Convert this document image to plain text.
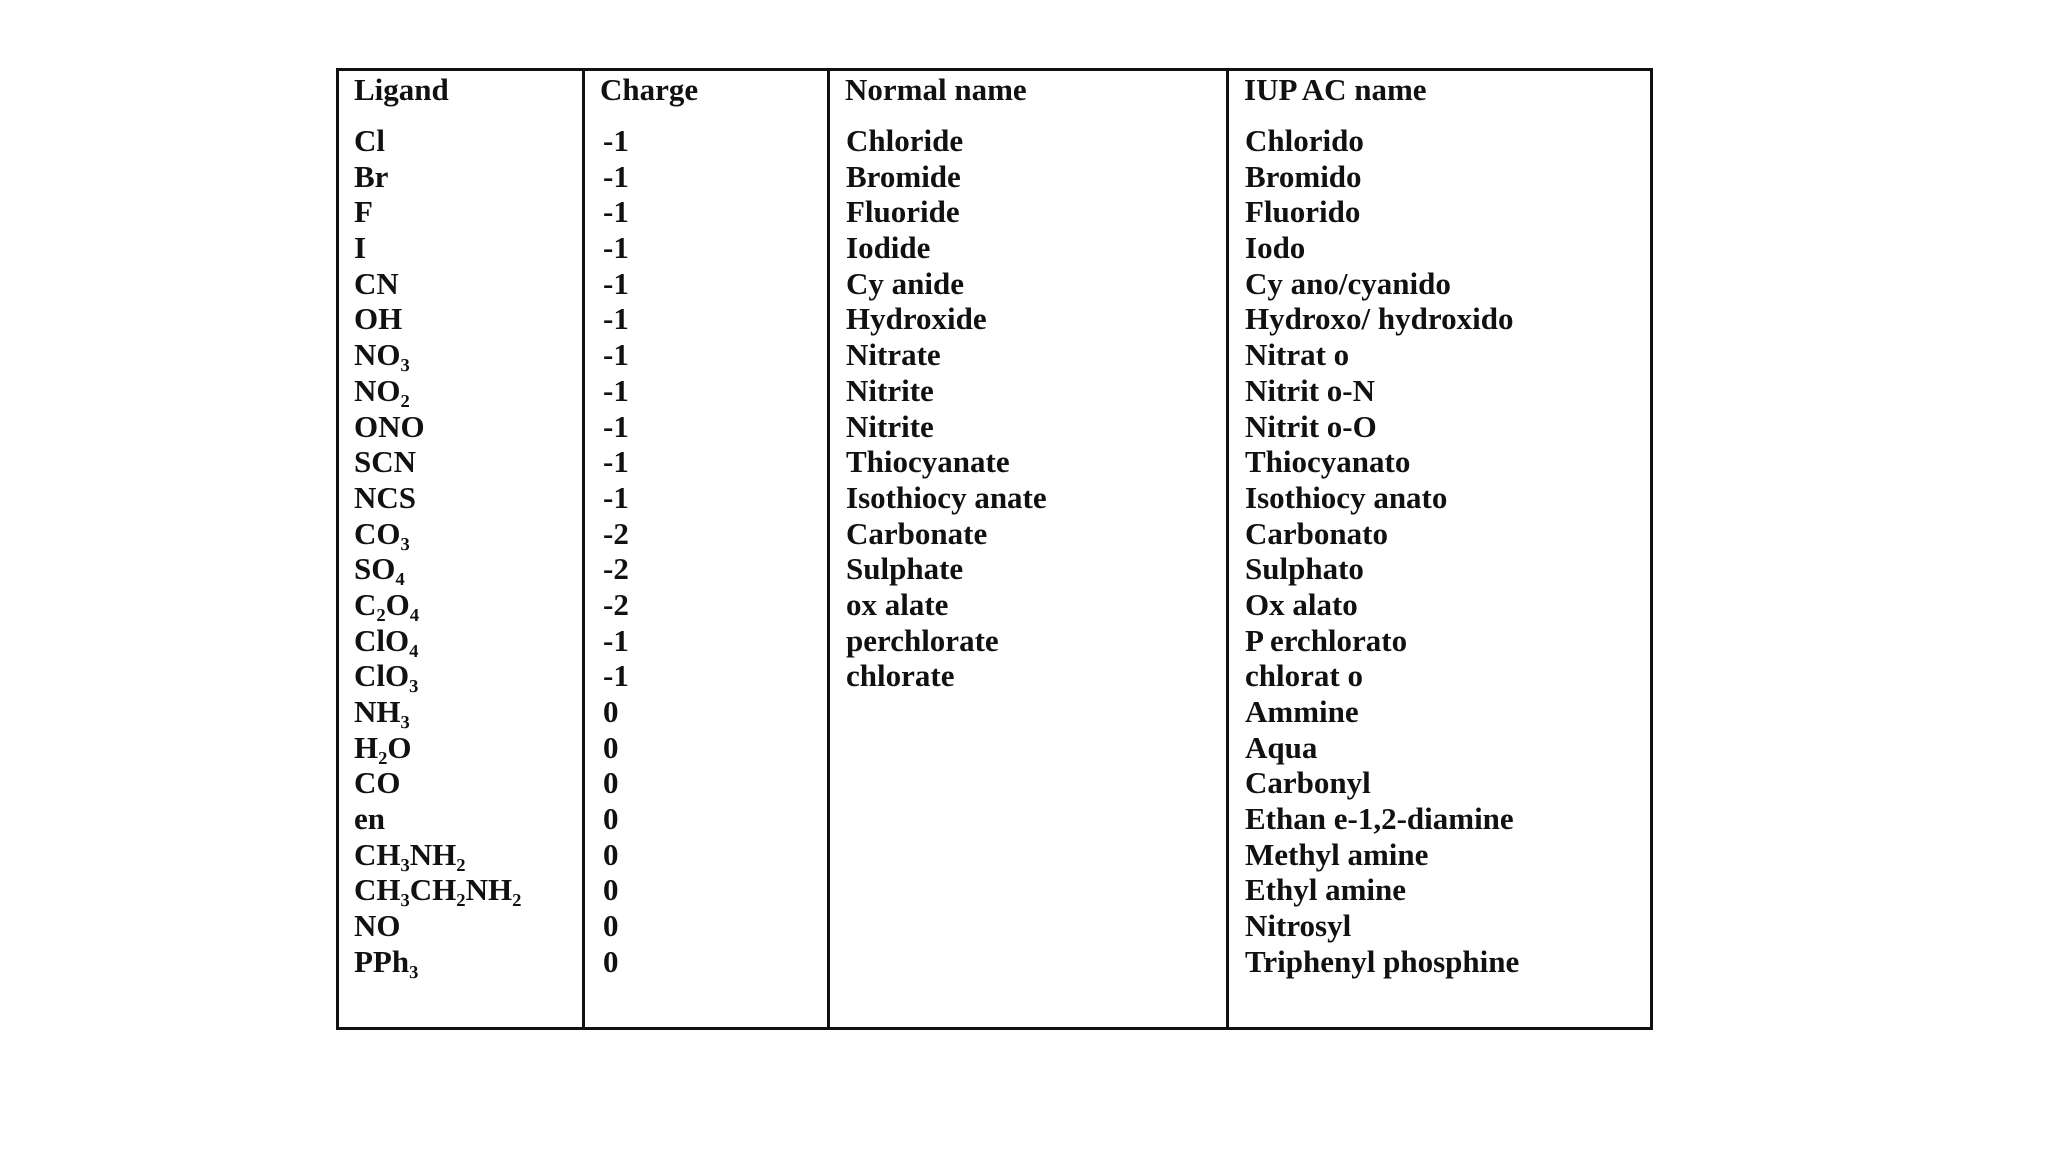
Ligand
Cl
Br
F
I
CN
OH
NO₃
NO₂
ONO
SCN
NCS
CO₃
SO₄
C₂O₄
ClO₄
ClO₃
NH₃
H₂O
CO
en
CH₃NH₂
CH₃CH₂NH₂
NO
PPh₃
Charge
-1
-1
-1
-1
-1
-1
-1
-1
-1
-1
-1
-2
-2
-2
-1
-1
0
0
0
0
0
0
0
0
Normal name
Chloride
Bromide
Fluoride
Iodide
Cy anide
Hydroxide
Nitrate
Nitrite
Nitrite
Thiocyanate
Isothiocy anate
Carbonate
Sulphate
ox alate
perchlorate
chlorate
IUP AC name
Chlorido
Bromido
Fluorido
Iodo
Cy ano/cyanido
Hydroxo/ hydroxido
Nitrat o
Nitrit o-N
Nitrit o-O
Thiocyanato
Isothiocy anato
Carbonato
Sulphato
Ox alato
P erchlorato
chlorat o
Ammine
Aqua
Carbonyl
Ethan e-1,2-diamine
Methyl amine
Ethyl amine
Nitrosyl
Triphenyl phosphine
